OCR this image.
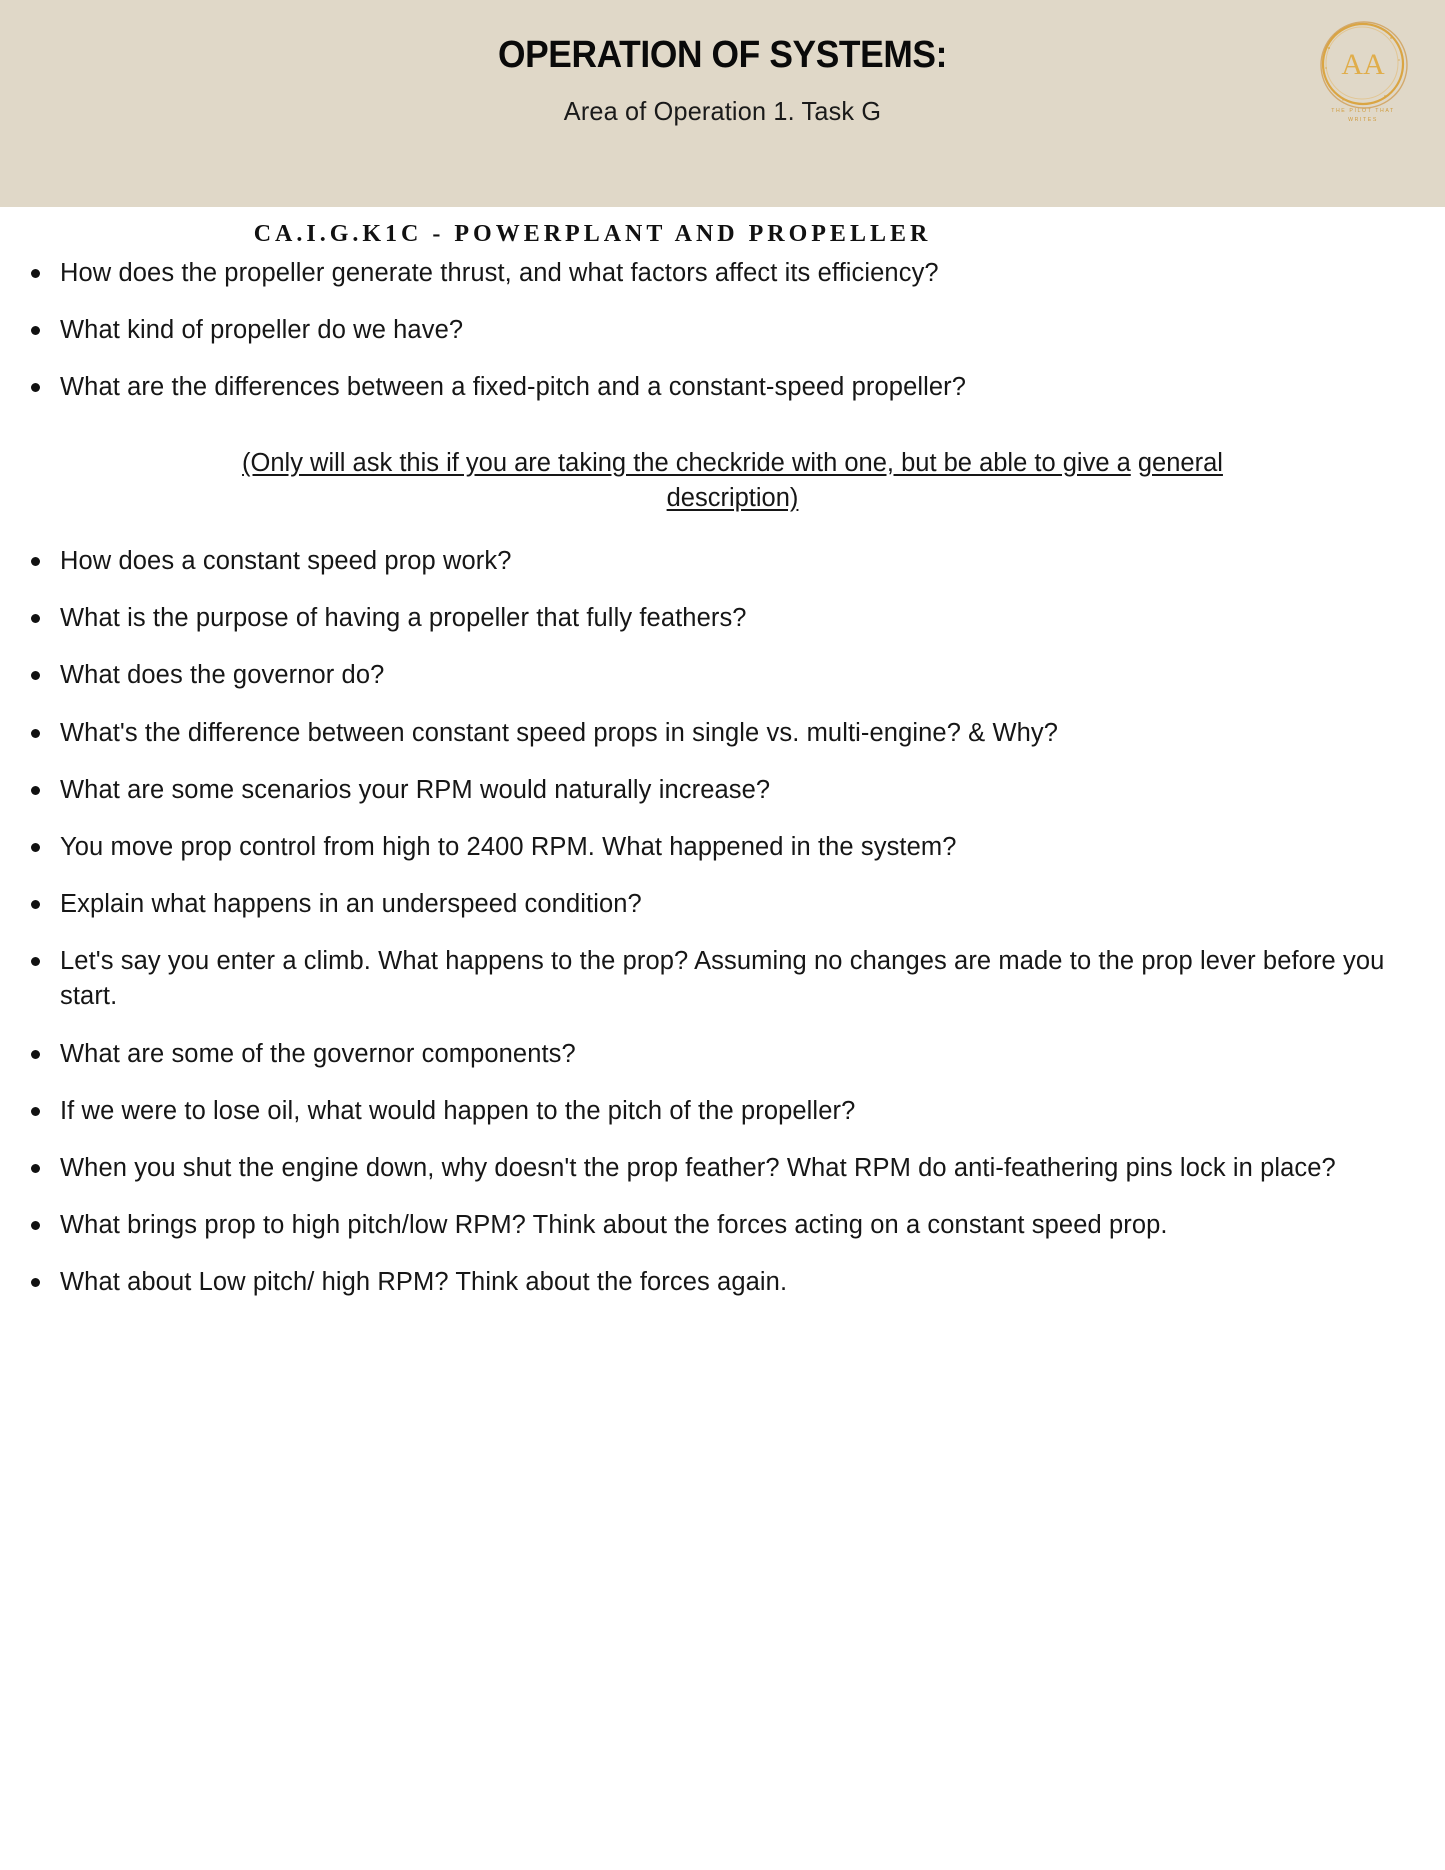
OPERATION OF SYSTEMS:
Area of Operation 1. Task G
AA
THE PILOT THAT
WRITES
CA.I.G.K1C - POWERPLANT AND PROPELLER
How does the propeller generate thrust, and what factors affect its efficiency?
What kind of propeller do we have?
What are the differences between a fixed-pitch and a constant-speed propeller?
(Only will ask this if you are taking the checkride with one, but be able to give a general description)
How does a constant speed prop work?
What is the purpose of having a propeller that fully feathers?
What does the governor do?
What's the difference between constant speed props in single vs. multi-engine? & Why?
What are some scenarios your RPM would naturally increase?
You move prop control from high to 2400 RPM. What happened in the system?
Explain what happens in an underspeed condition?
Let's say you enter a climb. What happens to the prop? Assuming no changes are made to the prop lever before you start.
What are some of the governor components?
If we were to lose oil, what would happen to the pitch of the propeller?
When you shut the engine down, why doesn't the prop feather? What RPM do anti-feathering pins lock in place?
What brings prop to high pitch/low RPM? Think about the forces acting on a constant speed prop.
What about Low pitch/ high RPM? Think about the forces again.
